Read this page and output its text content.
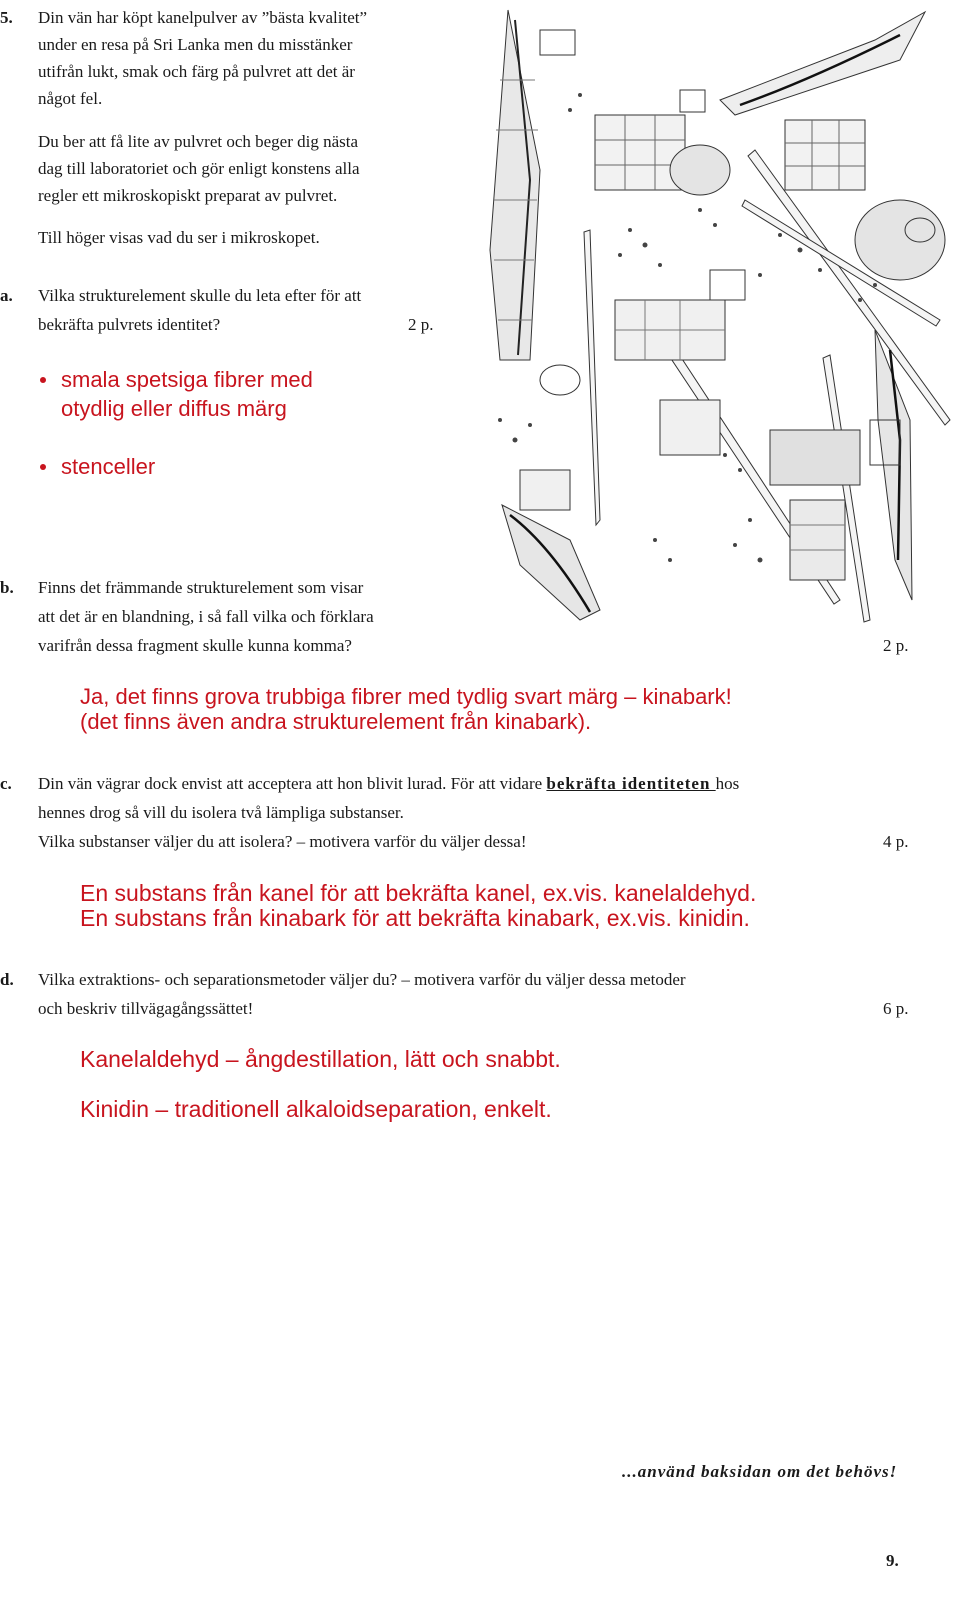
5. Din vän har köpt kanelpulver av ”bästa kvalitet”
under en resa på Sri Lanka men du misstänker
utifrån lukt, smak och färg på pulvret att det är
något fel.
Du ber att få lite av pulvret och beger dig nästa
dag till laboratoriet och gör enligt konstens alla
regler ett mikroskopiskt preparat av pulvret.
Till höger visas vad du ser i mikroskopet.
a. Vilka strukturelement skulle du leta efter för att
bekräfta pulvrets identitet?	2 p.
smala spetsiga fibrer med
otydlig eller diffus märg
stenceller
b. Finns det främmande strukturelement som visar
att det är en blandning, i så fall vilka och förklara
varifrån dessa fragment skulle kunna komma?	2 p.
Ja, det finns grova trubbiga fibrer med tydlig svart märg – kinabark!
(det finns även andra strukturelement från kinabark).
c. Din vän vägrar dock envist att acceptera att hon blivit lurad. För att vidare bekräfta identiteten hos
hennes drog så vill du isolera två lämpliga substanser.
Vilka substanser väljer du att isolera? – motivera varför du väljer dessa!	4 p.
En substans från kanel för att bekräfta kanel, ex.vis. kanelaldehyd.
En substans från kinabark för att bekräfta kinabark, ex.vis. kinidin.
d. Vilka extraktions- och separationsmetoder väljer du? – motivera varför du väljer dessa metoder
och beskriv tillvägagångssättet!	6 p.
Kanelaldehyd – ångdestillation, lätt och snabbt.
Kinidin – traditionell alkaloidseparation, enkelt.
...använd baksidan om det behövs!
9.
